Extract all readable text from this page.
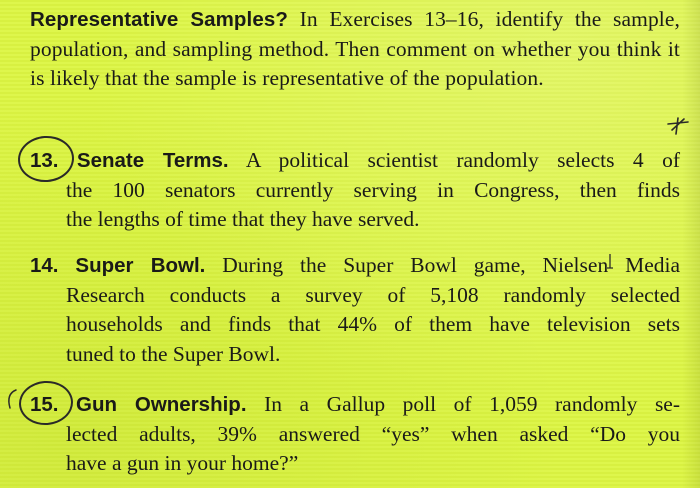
Representative Samples? In Exercises 13–16, identify the sample, population, and sampling method. Then comment on whether you think it is likely that the sample is representative of the population.
13. Senate Terms. A political scientist randomly selects 4 of
the 100 senators currently serving in Congress, then finds
the lengths of time that they have served.
14. Super Bowl. During the Super Bowl game, Nielsen Media
Research conducts a survey of 5,108 randomly selected
households and finds that 44% of them have television sets
tuned to the Super Bowl.
15. Gun Ownership. In a Gallup poll of 1,059 randomly se-
lected adults, 39% answered “yes” when asked “Do you
have a gun in your home?”
